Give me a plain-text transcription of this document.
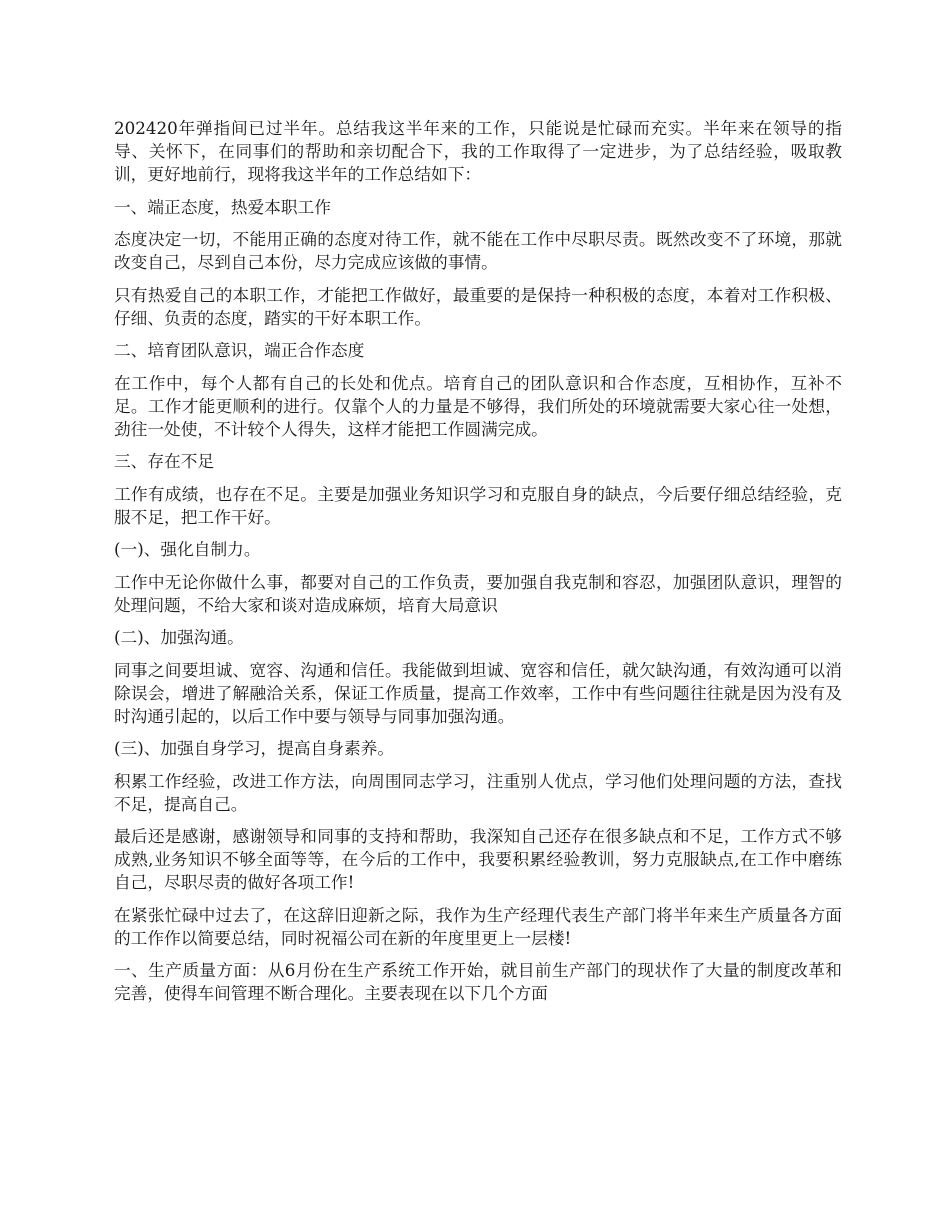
202420年弹指间已过半年。总结我这半年来的工作，只能说是忙碌而充实。半年来在领导的指导、关怀下，在同事们的帮助和亲切配合下，我的工作取得了一定进步，为了总结经验，吸取教训，更好地前行，现将我这半年的工作总结如下：

一、端正态度，热爱本职工作

态度决定一切，不能用正确的态度对待工作，就不能在工作中尽职尽责。既然改变不了环境，那就改变自己，尽到自己本份，尽力完成应该做的事情。

只有热爱自己的本职工作，才能把工作做好，最重要的是保持一种积极的态度，本着对工作积极、仔细、负责的态度，踏实的干好本职工作。

二、培育团队意识，端正合作态度

在工作中，每个人都有自己的长处和优点。培育自己的团队意识和合作态度，互相协作，互补不足。工作才能更顺利的进行。仅靠个人的力量是不够得，我们所处的环境就需要大家心往一处想，劲往一处使，不计较个人得失，这样才能把工作圆满完成。

三、存在不足

工作有成绩，也存在不足。主要是加强业务知识学习和克服自身的缺点，今后要仔细总结经验，克服不足，把工作干好。

(一)、强化自制力。

工作中无论你做什么事，都要对自己的工作负责，要加强自我克制和容忍，加强团队意识，理智的处理问题，不给大家和谈对造成麻烦，培育大局意识

(二)、加强沟通。

同事之间要坦诚、宽容、沟通和信任。我能做到坦诚、宽容和信任，就欠缺沟通，有效沟通可以消除误会，增进了解融洽关系，保证工作质量，提高工作效率，工作中有些问题往往就是因为没有及时沟通引起的，以后工作中要与领导与同事加强沟通。

(三)、加强自身学习，提高自身素养。

积累工作经验，改进工作方法，向周围同志学习，注重别人优点，学习他们处理问题的方法，查找不足，提高自己。

最后还是感谢，感谢领导和同事的支持和帮助，我深知自己还存在很多缺点和不足，工作方式不够成熟,业务知识不够全面等等，在今后的工作中，我要积累经验教训，努力克服缺点,在工作中磨练自己，尽职尽责的做好各项工作!

在紧张忙碌中过去了，在这辞旧迎新之际，我作为生产经理代表生产部门将半年来生产质量各方面的工作作以简要总结，同时祝福公司在新的年度里更上一层楼!

一、生产质量方面：从6月份在生产系统工作开始，就目前生产部门的现状作了大量的制度改革和完善，使得车间管理不断合理化。主要表现在以下几个方面
